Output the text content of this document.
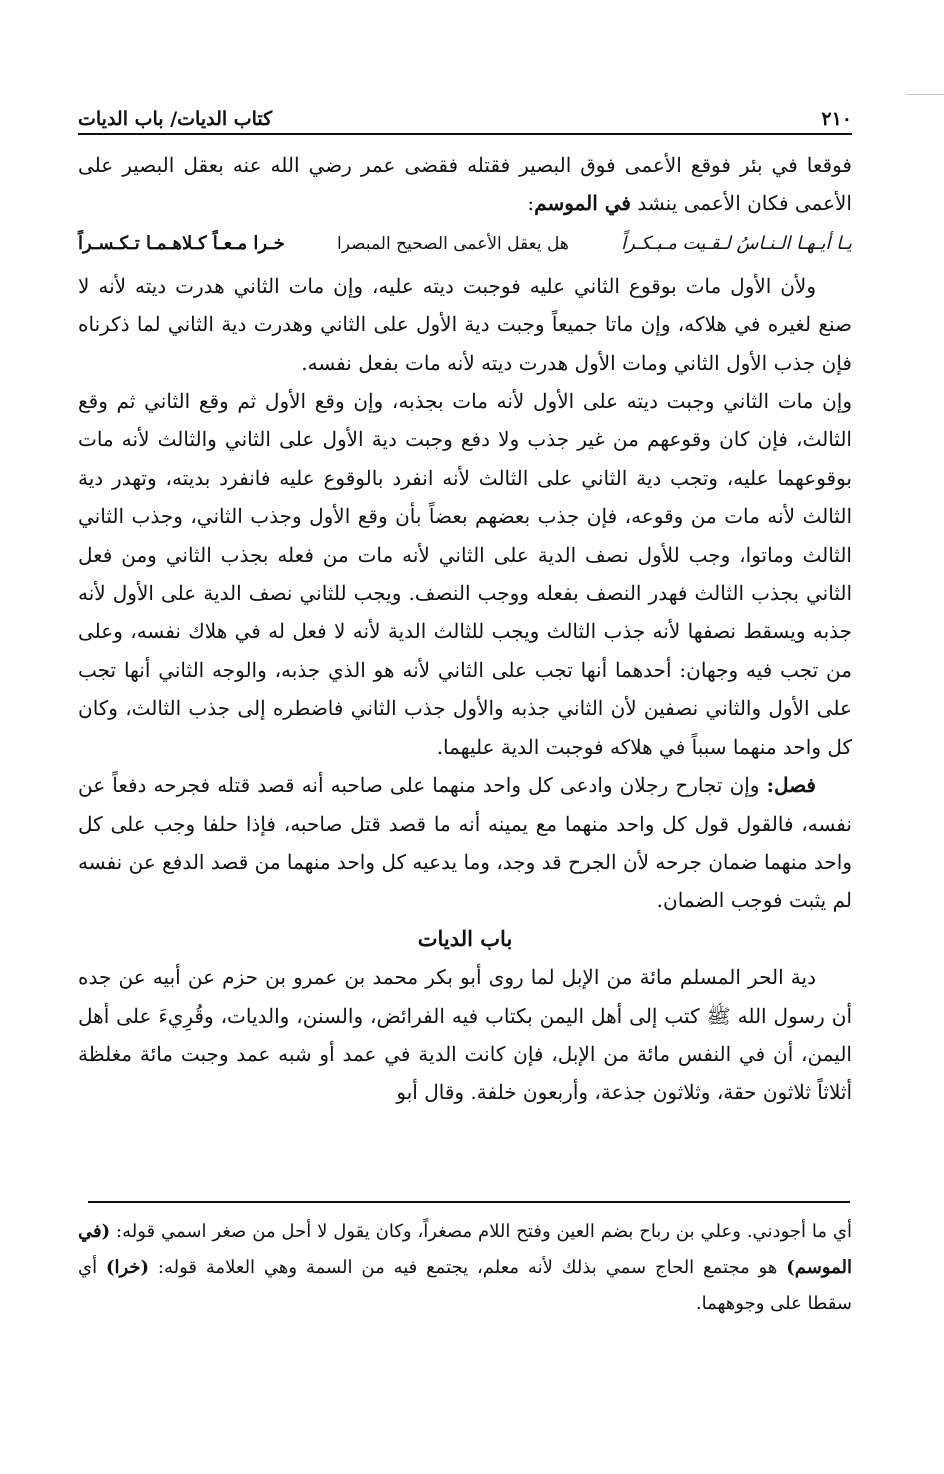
٢١٠
كتاب الديات/ باب الديات

فوقعا في بئر فوقع الأعمى فوق البصير فقتله فقضى عمر رضي الله عنه بعقل البصير على الأعمى فكان الأعمى ينشد في الموسم:

يـا أيـهـا الـنـاسُ لـقـيت مـبـكـراً
هل يعقل الأعمى الصحيح المبصرا
خـرا مـعـاً كـلاهـمـا تـكـسـراً

ولأن الأول مات بوقوع الثاني عليه فوجبت ديته عليه، وإن مات الثاني هدرت ديته لأنه لا صنع لغيره في هلاكه، وإن ماتا جميعاً وجبت دية الأول على الثاني وهدرت دية الثاني لما ذكرناه فإن جذب الأول الثاني ومات الأول هدرت ديته لأنه مات بفعل نفسه.

وإن مات الثاني وجبت ديته على الأول لأنه مات بجذبه، وإن وقع الأول ثم وقع الثاني ثم وقع الثالث، فإن كان وقوعهم من غير جذب ولا دفع وجبت دية الأول على الثاني والثالث لأنه مات بوقوعهما عليه، وتجب دية الثاني على الثالث لأنه انفرد بالوقوع عليه فانفرد بديته، وتهدر دية الثالث لأنه مات من وقوعه، فإن جذب بعضهم بعضاً بأن وقع الأول وجذب الثاني، وجذب الثاني الثالث وماتوا، وجب للأول نصف الدية على الثاني لأنه مات من فعله بجذب الثاني ومن فعل الثاني بجذب الثالث فهدر النصف بفعله ووجب النصف. ويجب للثاني نصف الدية على الأول لأنه جذبه ويسقط نصفها لأنه جذب الثالث ويجب للثالث الدية لأنه لا فعل له في هلاك نفسه، وعلى من تجب فيه وجهان: أحدهما أنها تجب على الثاني لأنه هو الذي جذبه، والوجه الثاني أنها تجب على الأول والثاني نصفين لأن الثاني جذبه والأول جذب الثاني فاضطره إلى جذب الثالث، وكان كل واحد منهما سبباً في هلاكه فوجبت الدية عليهما.

فصل: وإن تجارح رجلان وادعى كل واحد منهما على صاحبه أنه قصد قتله فجرحه دفعاً عن نفسه، فالقول قول كل واحد منهما مع يمينه أنه ما قصد قتل صاحبه، فإذا حلفا وجب على كل واحد منهما ضمان جرحه لأن الجرح قد وجد، وما يدعيه كل واحد منهما من قصد الدفع عن نفسه لم يثبت فوجب الضمان.

باب الديات

دية الحر المسلم مائة من الإبل لما روى أبو بكر محمد بن عمرو بن حزم عن أبيه عن جده أن رسول الله ﷺ كتب إلى أهل اليمن بكتاب فيه الفرائض، والسنن، والديات، وقُرِيءَ على أهل اليمن، أن في النفس مائة من الإبل، فإن كانت الدية في عمد أو شبه عمد وجبت مائة مغلظة أثلاثاً ثلاثون حقة، وثلاثون جذعة، وأربعون خلفة. وقال أبو

أي ما أجودني. وعلي بن رباح بضم العين وفتح اللام مصغراً، وكان يقول لا أحل من صغر اسمي قوله: (في الموسم) هو مجتمع الحاج سمي بذلك لأنه معلم، يجتمع فيه من السمة وهي العلامة قوله: (خرا) أي سقطا على وجوههما.
